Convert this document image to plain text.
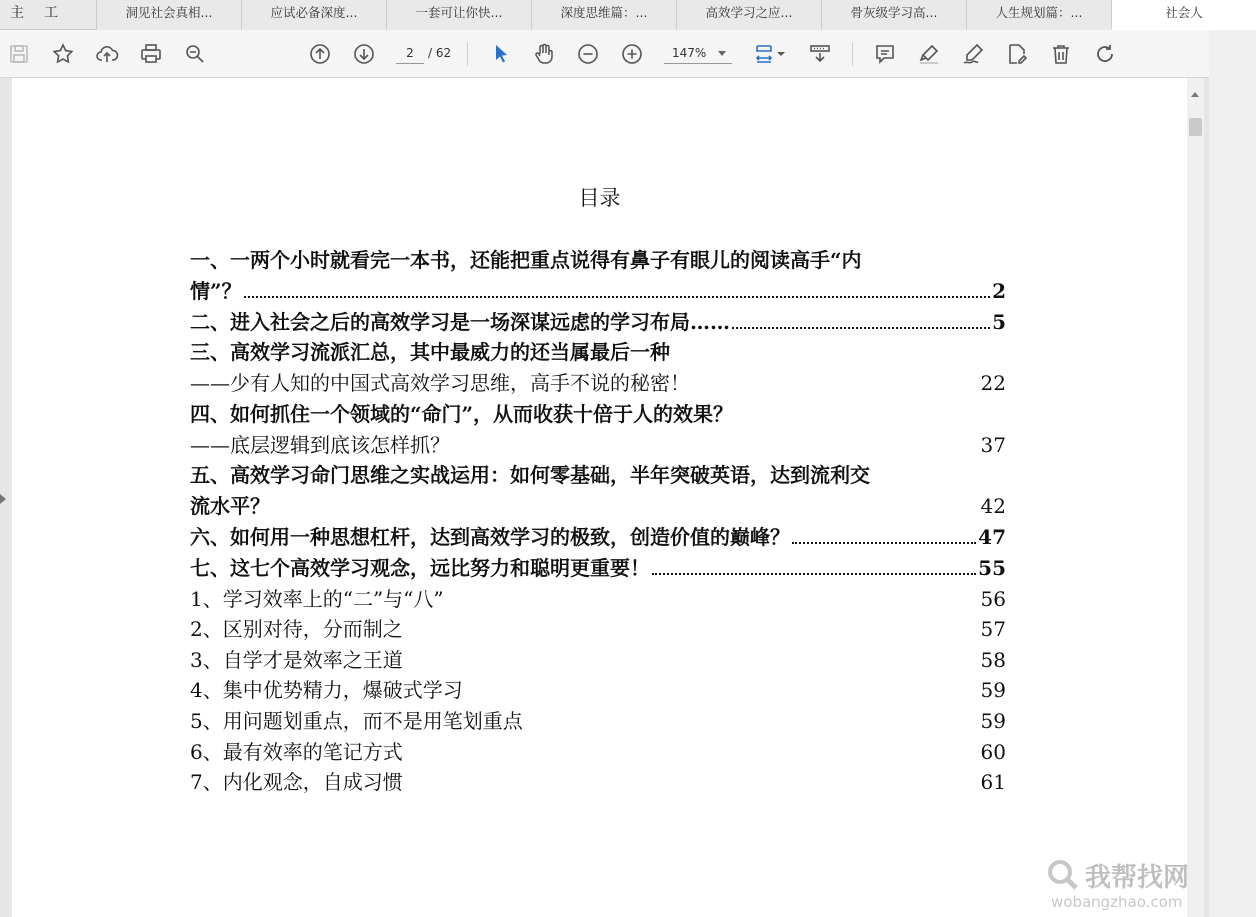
主	工	洞见社会真相...	应试必备深度...	一套可让你快...	深度思维篇：...	高效学习之应...	骨灰级学习高...	人生规划篇：...	社会人
2	/ 62	147%
目录
一、一两个小时就看完一本书，还能把重点说得有鼻子有眼儿的阅读高手“内
情”？	2
二、进入社会之后的高效学习是一场深谋远虑的学习布局……	5
三、高效学习流派汇总，其中最威力的还当属最后一种
——少有人知的中国式高效学习思维，高手不说的秘密！	22
四、如何抓住一个领域的“命门”，从而收获十倍于人的效果？
——底层逻辑到底该怎样抓？	37
五、高效学习命门思维之实战运用：如何零基础，半年突破英语，达到流利交
流水平？	42
六、如何用一种思想杠杆，达到高效学习的极致，创造价值的巅峰？	47
七、这七个高效学习观念，远比努力和聪明更重要！	55
1、学习效率上的“二”与“八”	56
2、区别对待，分而制之	57
3、自学才是效率之王道	58
4、集中优势精力，爆破式学习	59
5、用问题划重点，而不是用笔划重点	59
6、最有效率的笔记方式	60
7、内化观念，自成习惯	61
我帮找网
wobangzhao.com
